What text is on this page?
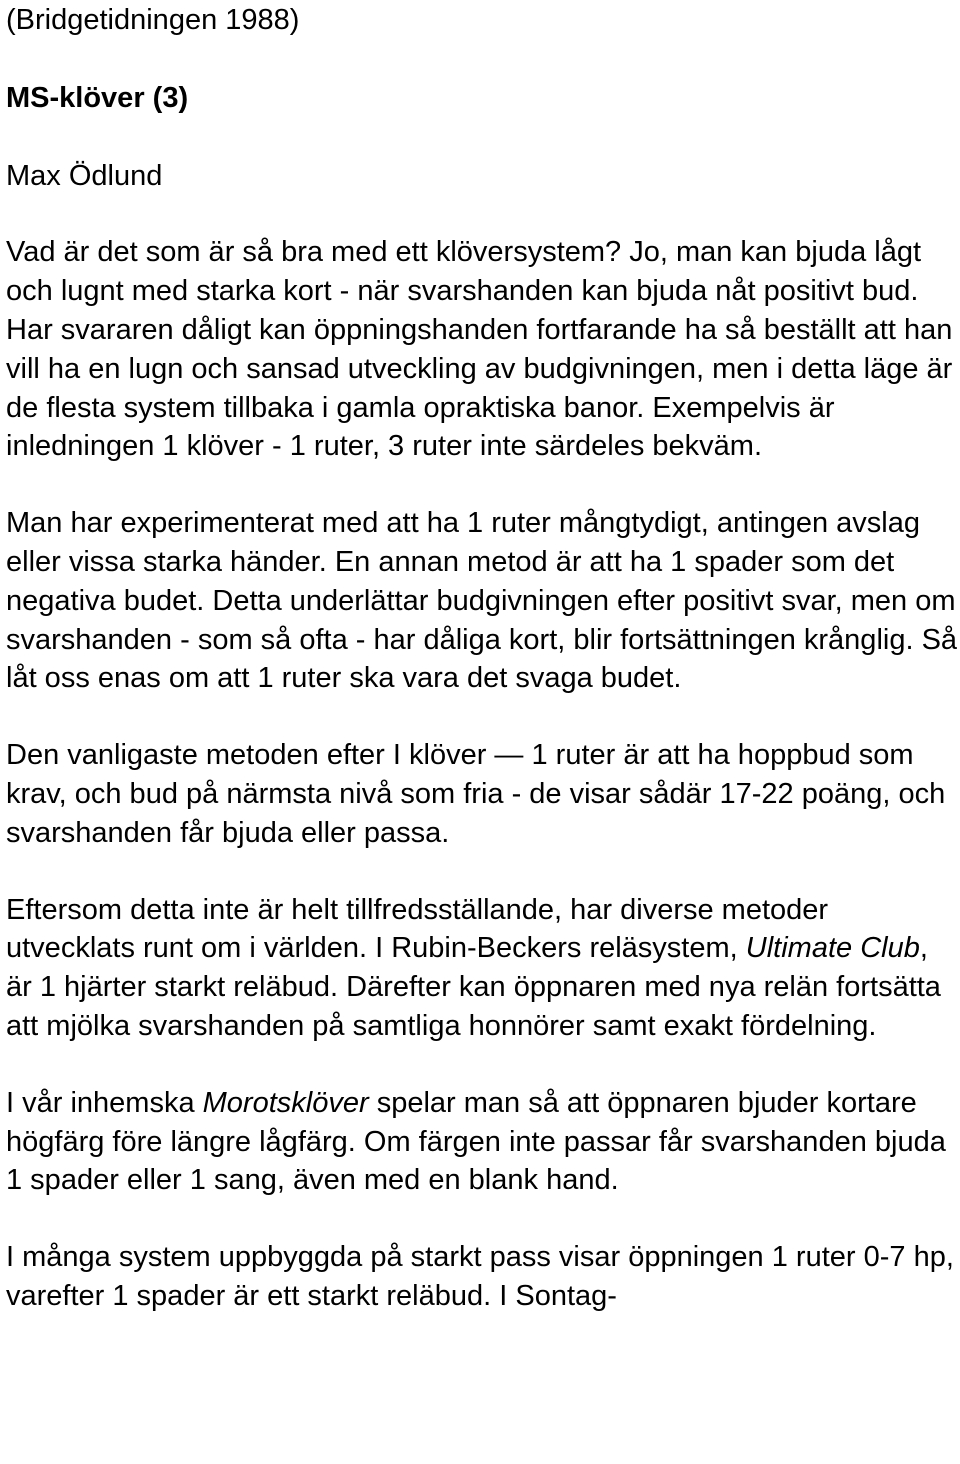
(Bridgetidningen 1988)

MS-klöver (3)

Max Ödlund

Vad är det som är så bra med ett klöversystem? Jo, man kan bjuda lågt och lugnt med starka kort - när svarshanden kan bjuda nåt positivt bud. Har svararen dåligt kan öppningshanden fortfarande ha så beställt att han vill ha en lugn och sansad utveckling av budgivningen, men i detta läge är de flesta system tillbaka i gamla opraktiska banor. Exempelvis är inledningen 1 klöver - 1 ruter, 3 ruter inte särdeles bekväm.

Man har experimenterat med att ha 1 ruter mångtydigt, antingen avslag eller vissa starka händer. En annan metod är att ha 1 spader som det negativa budet. Detta underlättar budgivningen efter positivt svar, men om svarshanden - som så ofta - har dåliga kort, blir fortsättningen krånglig. Så låt oss enas om att 1 ruter ska vara det svaga budet.

Den vanligaste metoden efter I klöver — 1 ruter är att ha hoppbud som krav, och bud på närmsta nivå som fria - de visar sådär 17-22 poäng, och svarshanden får bjuda eller passa.

Eftersom detta inte är helt tillfredsställande, har diverse metoder utvecklats runt om i världen. I Rubin-Beckers reläsystem, Ultimate Club, är 1 hjärter starkt reläbud. Därefter kan öppnaren med nya relän fortsätta att mjölka svarshanden på samtliga honnörer samt exakt fördelning.

I vår inhemska Morotsklöver spelar man så att öppnaren bjuder kortare högfärg före längre lågfärg. Om färgen inte passar får svarshanden bjuda 1 spader eller 1 sang, även med en blank hand.

I många system uppbyggda på starkt pass visar öppningen 1 ruter 0-7 hp, varefter 1 spader är ett starkt reläbud. I Sontag-
